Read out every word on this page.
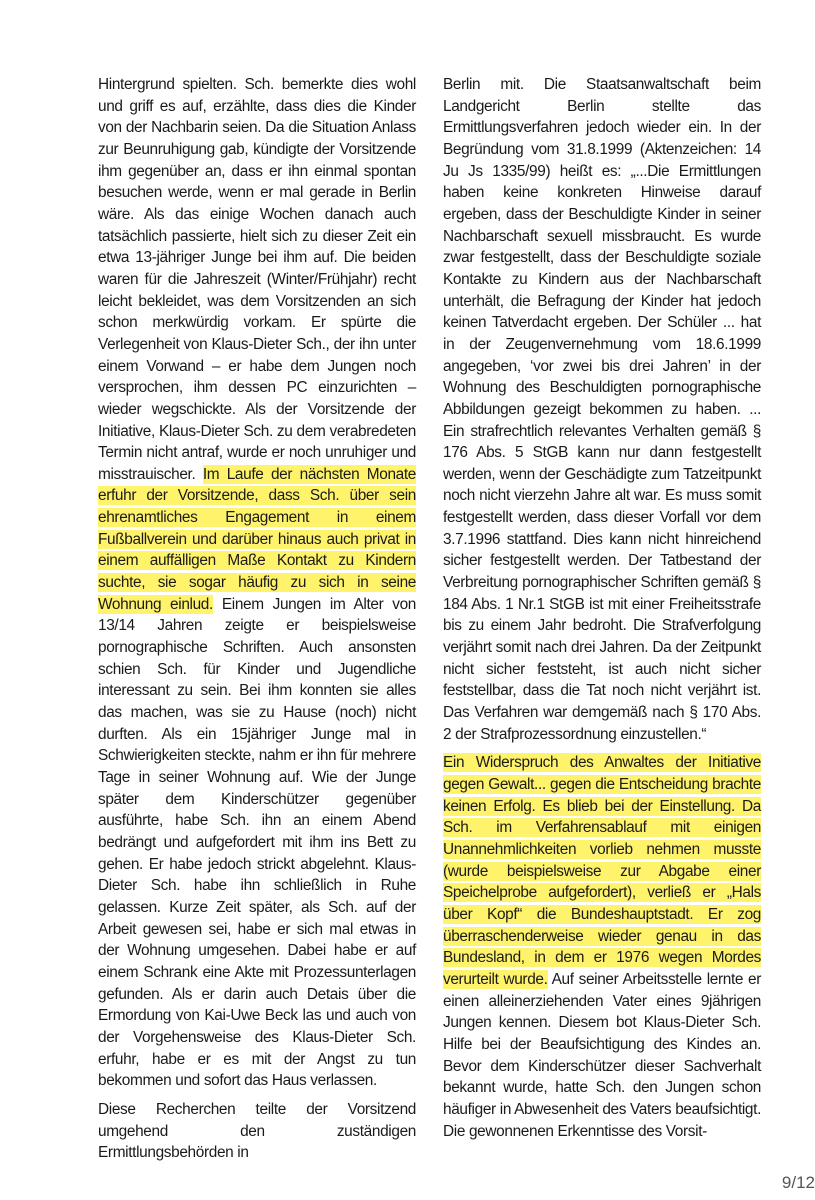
Hintergrund spielten. Sch. bemerkte dies wohl und griff es auf, erzählte, dass dies die Kinder von der Nachbarin seien. Da die Situation Anlass zur Beunruhigung gab, kündigte der Vorsitzende ihm gegenüber an, dass er ihn einmal spontan besuchen werde, wenn er mal gerade in Berlin wäre. Als das einige Wochen danach auch tatsächlich passierte, hielt sich zu dieser Zeit ein etwa 13-jähriger Junge bei ihm auf. Die beiden waren für die Jahreszeit (Winter/Frühjahr) recht leicht bekleidet, was dem Vorsitzenden an sich schon merkwürdig vorkam. Er spürte die Verlegenheit von Klaus-Dieter Sch., der ihn unter einem Vorwand – er habe dem Jungen noch versprochen, ihm dessen PC einzurichten – wieder wegschickte. Als der Vorsitzende der Initiative, Klaus-Dieter Sch. zu dem verabredeten Termin nicht antraf, wurde er noch unruhiger und misstrauischer. Im Laufe der nächsten Monate erfuhr der Vorsitzende, dass Sch. über sein ehrenamtliches Engagement in einem Fußballverein und darüber hinaus auch privat in einem auffälligen Maße Kontakt zu Kindern suchte, sie sogar häufig zu sich in seine Wohnung einlud. Einem Jungen im Alter von 13/14 Jahren zeigte er beispielsweise pornographische Schriften. Auch ansonsten schien Sch. für Kinder und Jugendliche interessant zu sein. Bei ihm konnten sie alles das machen, was sie zu Hause (noch) nicht durften. Als ein 15jähriger Junge mal in Schwierigkeiten steckte, nahm er ihn für mehrere Tage in seiner Wohnung auf. Wie der Junge später dem Kinderschützer gegenüber ausführte, habe Sch. ihn an einem Abend bedrängt und aufgefordert mit ihm ins Bett zu gehen. Er habe jedoch strickt abgelehnt. Klaus-Dieter Sch. habe ihn schließlich in Ruhe gelassen. Kurze Zeit später, als Sch. auf der Arbeit gewesen sei, habe er sich mal etwas in der Wohnung umgesehen. Dabei habe er auf einem Schrank eine Akte mit Prozessunterlagen gefunden. Als er darin auch Detais über die Ermordung von Kai-Uwe Beck las und auch von der Vorgehensweise des Klaus-Dieter Sch. erfuhr, habe er es mit der Angst zu tun bekommen und sofort das Haus verlassen.

Diese Recherchen teilte der Vorsitzend umgehend den zuständigen Ermittlungsbehörden in

Berlin mit. Die Staatsanwaltschaft beim Landgericht Berlin stellte das Ermittlungsverfahren jedoch wieder ein. In der Begründung vom 31.8.1999 (Aktenzeichen: 14 Ju Js 1335/99) heißt es: „...Die Ermittlungen haben keine konkreten Hinweise darauf ergeben, dass der Beschuldigte Kinder in seiner Nachbarschaft sexuell missbraucht. Es wurde zwar festgestellt, dass der Beschuldigte soziale Kontakte zu Kindern aus der Nachbarschaft unterhält, die Befragung der Kinder hat jedoch keinen Tatverdacht ergeben. Der Schüler ... hat in der Zeugenvernehmung vom 18.6.1999 angegeben, ‘vor zwei bis drei Jahren’ in der Wohnung des Beschuldigten pornographische Abbildungen gezeigt bekommen zu haben. ... Ein strafrechtlich relevantes Verhalten gemäß § 176 Abs. 5 StGB kann nur dann festgestellt werden, wenn der Geschädigte zum Tatzeitpunkt noch nicht vierzehn Jahre alt war. Es muss somit festgestellt werden, dass dieser Vorfall vor dem 3.7.1996 stattfand. Dies kann nicht hinreichend sicher festgestellt werden. Der Tatbestand der Verbreitung pornographischer Schriften gemäß § 184 Abs. 1 Nr.1 StGB ist mit einer Freiheitsstrafe bis zu einem Jahr bedroht. Die Strafverfolgung verjährt somit nach drei Jahren. Da der Zeitpunkt nicht sicher feststeht, ist auch nicht sicher feststellbar, dass die Tat noch nicht verjährt ist. Das Verfahren war demgemäß nach § 170 Abs. 2 der Strafprozessordnung einzustellen.“

Ein Widerspruch des Anwaltes der Initiative gegen Gewalt... gegen die Entscheidung brachte keinen Erfolg. Es blieb bei der Einstellung. Da Sch. im Verfahrensablauf mit einigen Unannehmlichkeiten vorlieb nehmen musste (wurde beispielsweise zur Abgabe einer Speichelprobe aufgefordert), verließ er „Hals über Kopf“ die Bundeshauptstadt. Er zog überraschenderweise wieder genau in das Bundesland, in dem er 1976 wegen Mordes verurteilt wurde. Auf seiner Arbeitsstelle lernte er einen alleinerziehenden Vater eines 9jährigen Jungen kennen. Diesem bot Klaus-Dieter Sch. Hilfe bei der Beaufsichtigung des Kindes an. Bevor dem Kinderschützer dieser Sachverhalt bekannt wurde, hatte Sch. den Jungen schon häufiger in Abwesenheit des Vaters beaufsichtigt. Die gewonnenen Erkenntisse des Vorsit-

9/12
